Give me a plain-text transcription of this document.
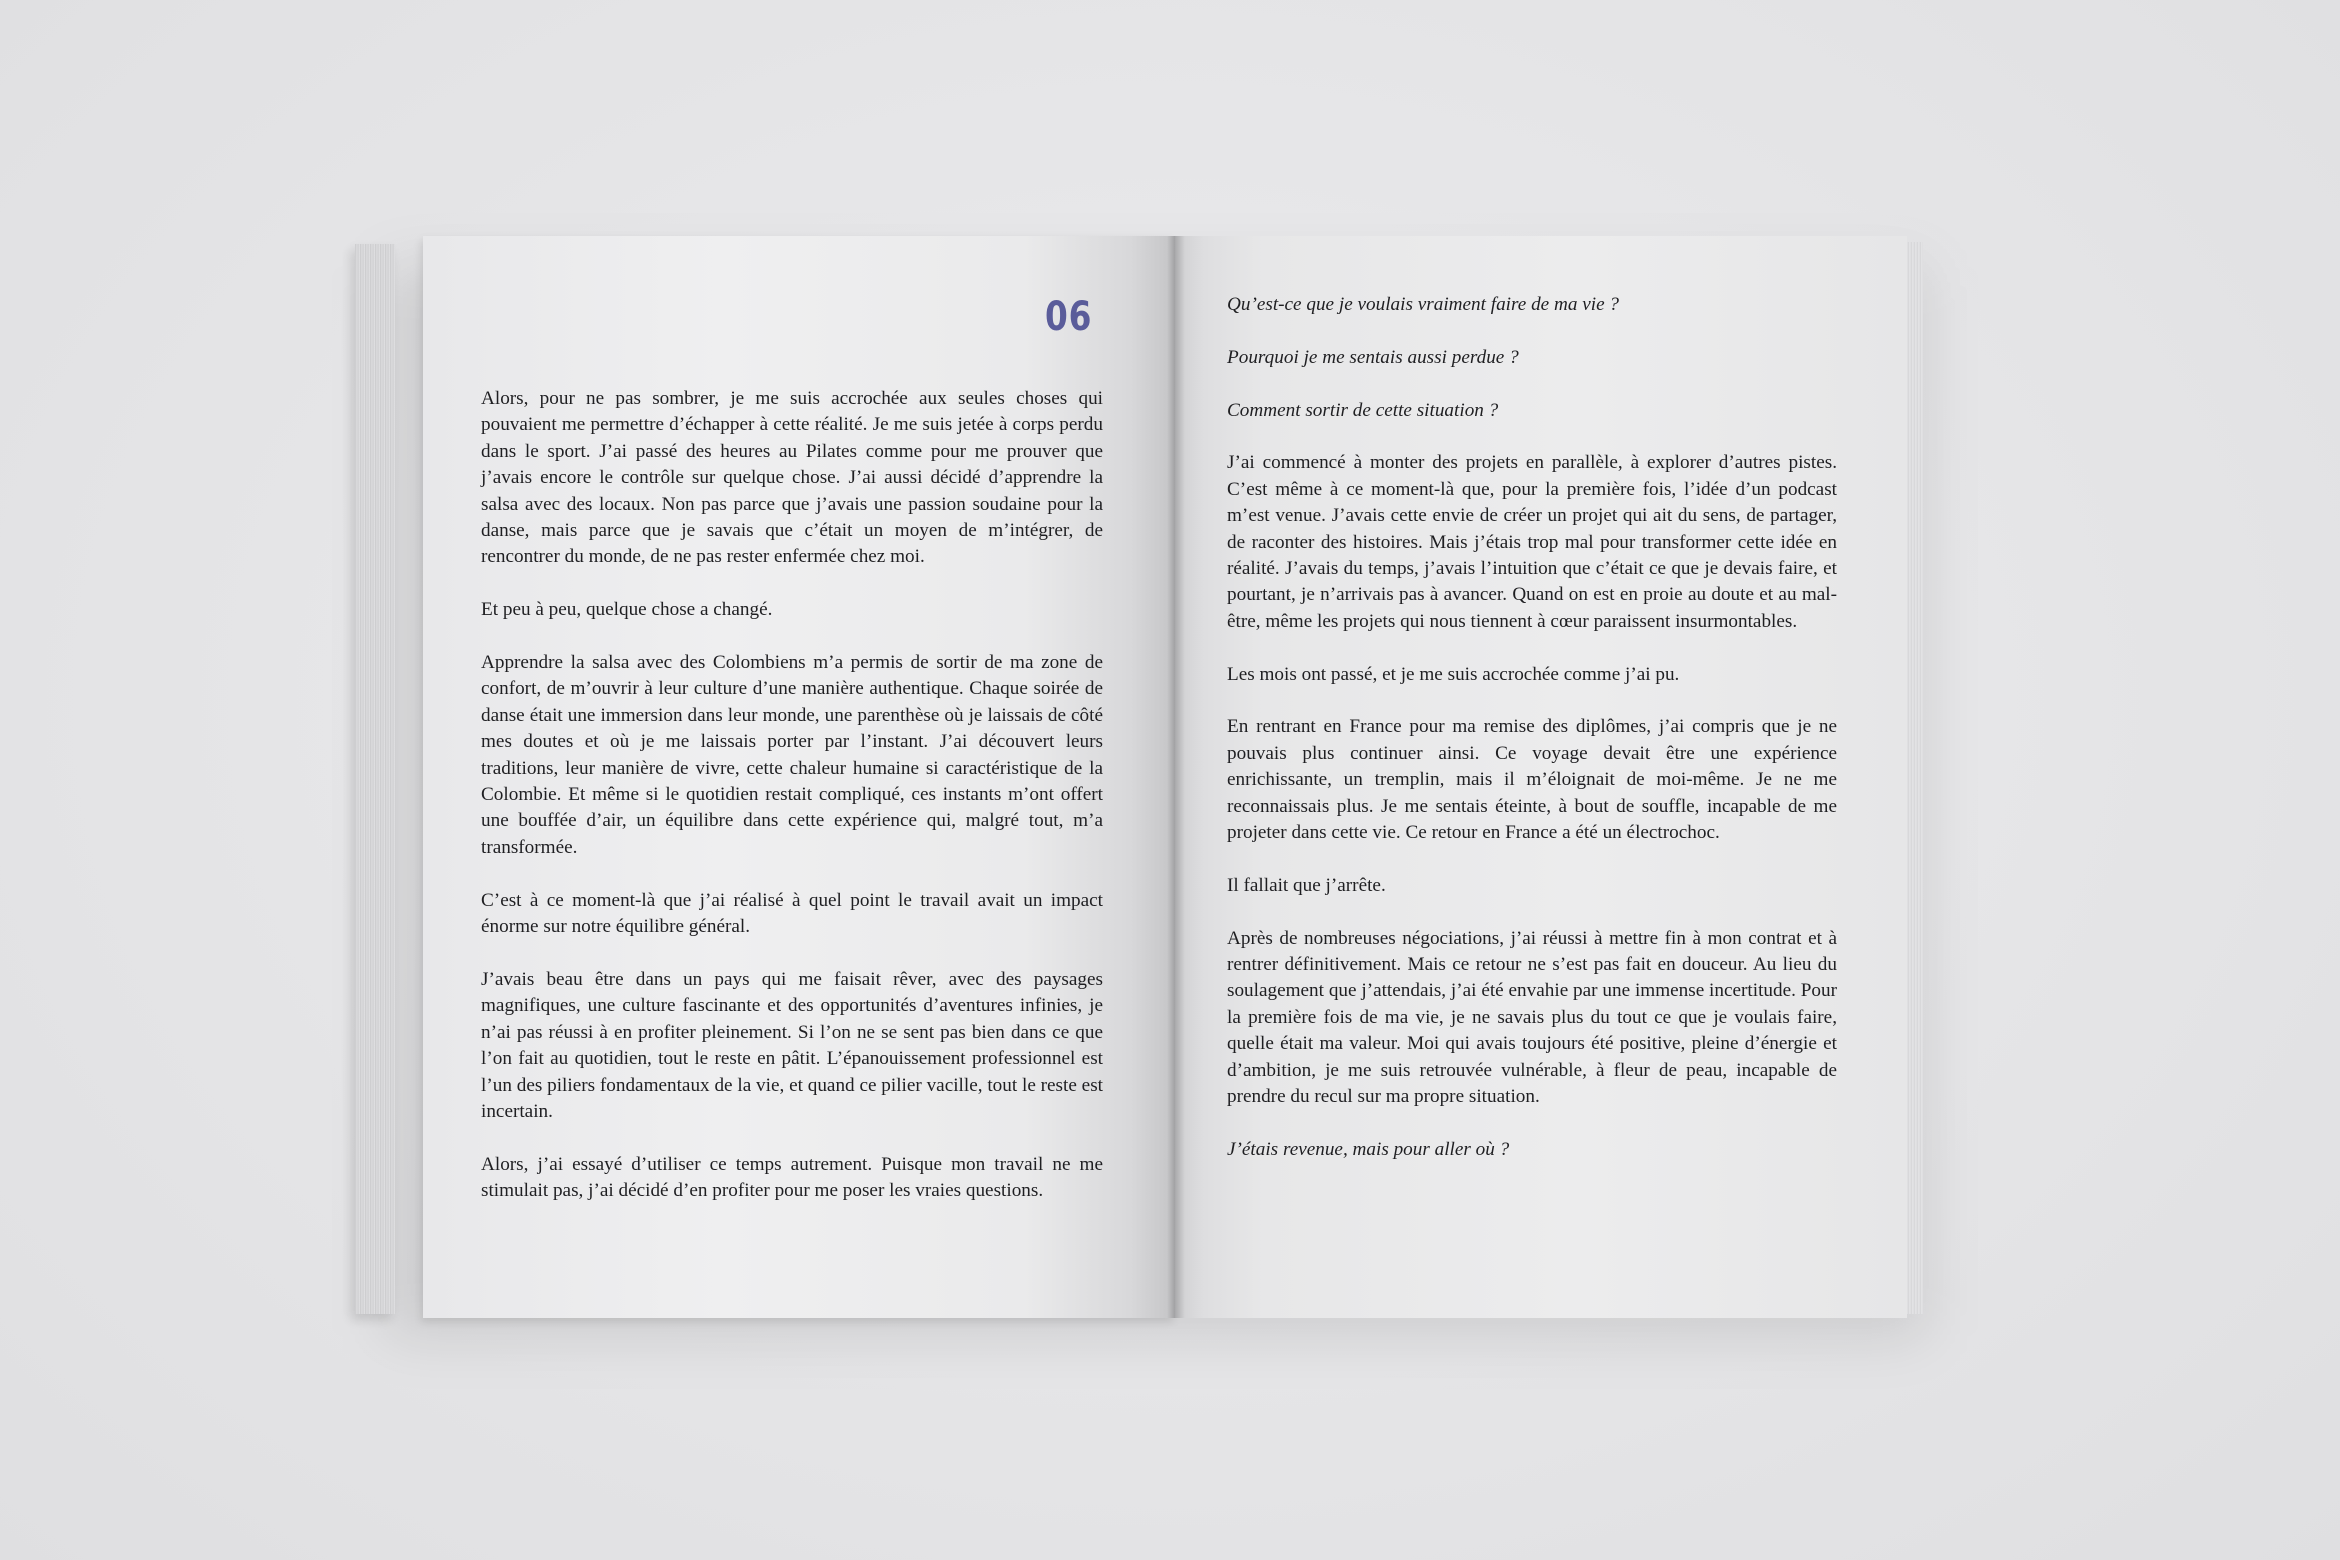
06

Alors, pour ne pas sombrer, je me suis accrochée aux seules choses qui pouvaient me permettre d’échapper à cette réalité. Je me suis jetée à corps perdu dans le sport. J’ai passé des heures au Pilates comme pour me prouver que j’avais encore le contrôle sur quelque chose. J’ai aussi décidé d’apprendre la salsa avec des locaux. Non pas parce que j’avais une passion soudaine pour la danse, mais parce que je savais que c’était un moyen de m’intégrer, de rencontrer du monde, de ne pas rester enfermée chez moi.

Et peu à peu, quelque chose a changé.

Apprendre la salsa avec des Colombiens m’a permis de sortir de ma zone de confort, de m’ouvrir à leur culture d’une manière authentique. Chaque soirée de danse était une immersion dans leur monde, une parenthèse où je laissais de côté mes doutes et où je me laissais porter par l’instant. J’ai découvert leurs traditions, leur manière de vivre, cette chaleur humaine si caractéristique de la Colombie. Et même si le quotidien restait compliqué, ces instants m’ont offert une bouffée d’air, un équilibre dans cette expérience qui, malgré tout, m’a transformée.

C’est à ce moment-là que j’ai réalisé à quel point le travail avait un impact énorme sur notre équilibre général.

J’avais beau être dans un pays qui me faisait rêver, avec des paysages magnifiques, une culture fascinante et des opportunités d’aventures infinies, je n’ai pas réussi à en profiter pleinement. Si l’on ne se sent pas bien dans ce que l’on fait au quotidien, tout le reste en pâtit. L’épanouissement professionnel est l’un des piliers fondamentaux de la vie, et quand ce pilier vacille, tout le reste est incertain.

Alors, j’ai essayé d’utiliser ce temps autrement. Puisque mon travail ne me stimulait pas, j’ai décidé d’en profiter pour me poser les vraies questions.

Qu’est-ce que je voulais vraiment faire de ma vie ?

Pourquoi je me sentais aussi perdue ?

Comment sortir de cette situation ?

J’ai commencé à monter des projets en parallèle, à explorer d’autres pistes. C’est même à ce moment-là que, pour la première fois, l’idée d’un podcast m’est venue. J’avais cette envie de créer un projet qui ait du sens, de partager, de raconter des histoires. Mais j’étais trop mal pour transformer cette idée en réalité. J’avais du temps, j’avais l’intuition que c’était ce que je devais faire, et pourtant, je n’arrivais pas à avancer. Quand on est en proie au doute et au mal-être, même les projets qui nous tiennent à cœur paraissent insurmontables.

Les mois ont passé, et je me suis accrochée comme j’ai pu.

En rentrant en France pour ma remise des diplômes, j’ai compris que je ne pouvais plus continuer ainsi. Ce voyage devait être une expérience enrichissante, un tremplin, mais il m’éloignait de moi-même. Je ne me reconnaissais plus. Je me sentais éteinte, à bout de souffle, incapable de me projeter dans cette vie. Ce retour en France a été un électrochoc.

Il fallait que j’arrête.

Après de nombreuses négociations, j’ai réussi à mettre fin à mon contrat et à rentrer définitivement. Mais ce retour ne s’est pas fait en douceur. Au lieu du soulagement que j’attendais, j’ai été envahie par une immense incertitude. Pour la première fois de ma vie, je ne savais plus du tout ce que je voulais faire, quelle était ma valeur. Moi qui avais toujours été positive, pleine d’énergie et d’ambition, je me suis retrouvée vulnérable, à fleur de peau, incapable de prendre du recul sur ma propre situation.

J’étais revenue, mais pour aller où ?
